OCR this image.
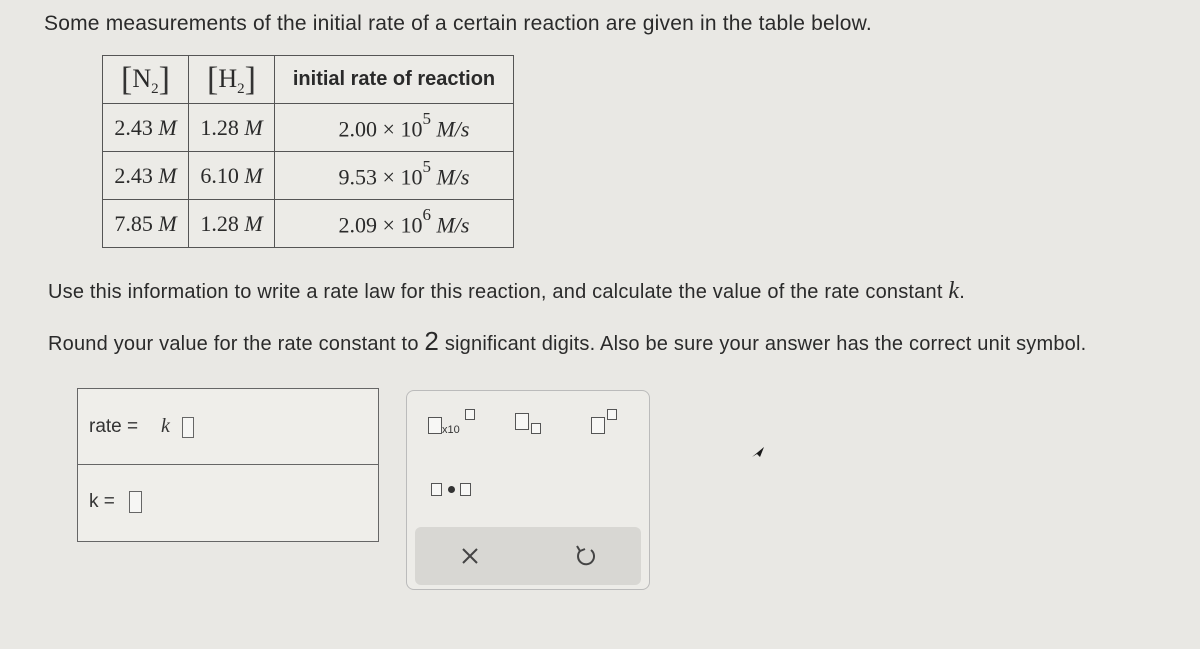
Some measurements of the initial rate of a certain reaction are given in the table below.
$[N_2]$	$[H_2]$	initial rate of reaction
2.43 M	1.28 M	$2.00 \times 10^5$ M/s
2.43 M	6.10 M	$9.53 \times 10^5$ M/s
7.85 M	1.28 M	$2.09 \times 10^6$ M/s
Use this information to write a rate law for this reaction, and calculate the value of the rate constant k.
Round your value for the rate constant to 2 significant digits. Also be sure your answer has the correct unit symbol.
rate = k
k =
x10
